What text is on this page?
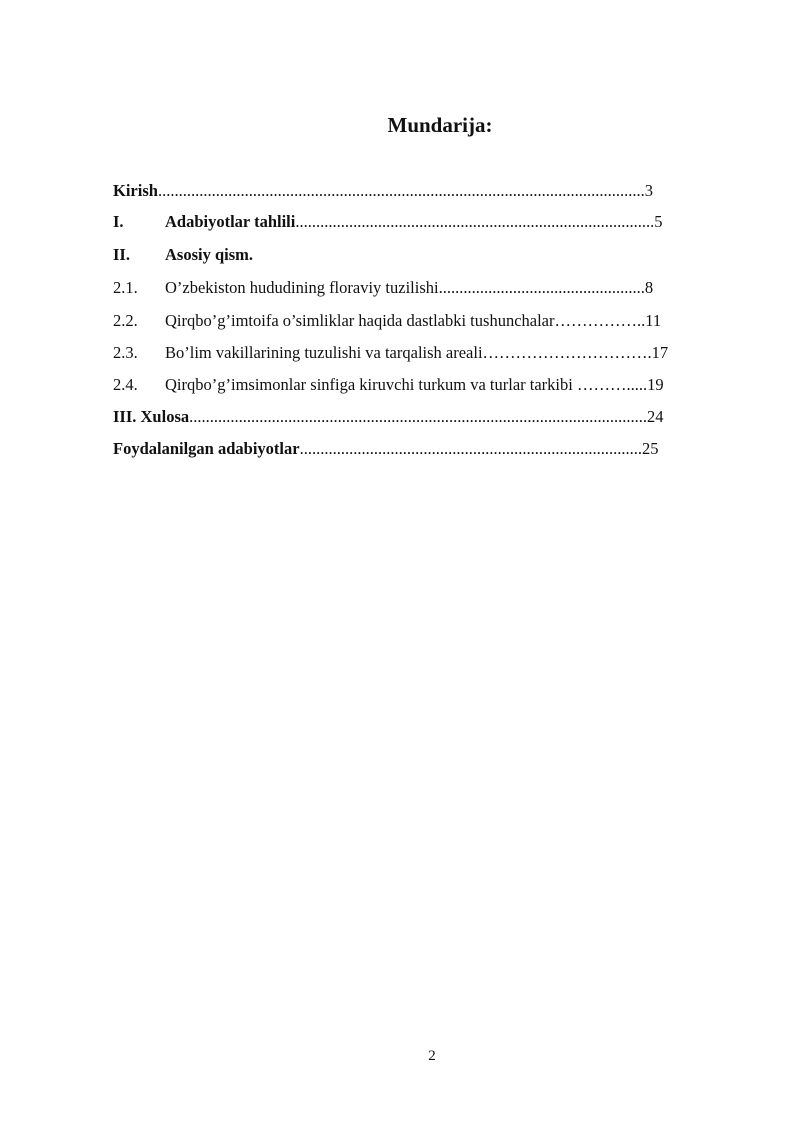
Mundarija:
Kirish......................................................................................................................3
I.	Adabiyotlar tahlili.......................................................................................5
II. Asosiy qism.
2.1. O’zbekiston hududining floraviy tuzilishi..................................................8
2.2. Qirqbo’g’imtoifa o’simliklar haqida dastlabki tushunchalar……………..11
2.3. Bo’lim vakillarining tuzulishi va tarqalish areali………………………….17
2.4. Qirqbo’g’imsimonlar sinfiga kiruvchi turkum va turlar tarkibi ……….....19
III. Xulosa...............................................................................................................24
Foydalanilgan adabiyotlar...................................................................................25
2
